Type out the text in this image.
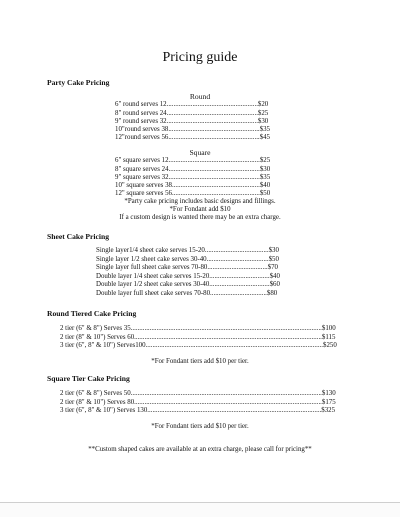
Pricing guide
Party Cake Pricing
Round
6" round serves 12.....................................................$20
8" round serves 24.....................................................$25
9" round serves 32.....................................................$30
10"round serves 38.....................................................$35
12"round serves 56.....................................................$45
Square
6" square serves 12.....................................................$25
8" square serves 24.....................................................$30
9" square serves 32.....................................................$35
10" square serves 38...................................................$40
12" square serves 56...................................................$50
*Party cake pricing includes basic designs and fillings.
*For Fondant add $10
If a custom design is wanted there may be an extra charge.
Sheet Cake Pricing
Single layer1/4 sheet cake serves 15-20.....................................$30
Single layer 1/2 sheet cake serves 30-40....................................$50
Single layer full sheet cake serves 70-80...................................$70
Double layer 1/4 sheet cake serves 15-20...................................$40
Double layer 1/2 sheet cake serves 30-40...................................$60
Double layer full sheet cake serves 70-80.................................$80
Round Tiered Cake Pricing
2 tier (6" & 8") Serves 35...............................................................................................................$100
2 tier (8" & 10") Serves 60.............................................................................................................$115
3 tier (6", 8" & 10") Serves100.......................................................................................................$250
*For Fondant tiers add $10 per tier.
Square Tier Cake Pricing
2 tier (6" & 8") Serves 50...............................................................................................................$130
2 tier (8" & 10") Serves 80.............................................................................................................$175
3 tier (6", 8" & 10") Serves 130.....................................................................................................$325
*For Fondant tiers add $10 per tier.
**Custom shaped cakes are available at an extra charge, please call for pricing**
